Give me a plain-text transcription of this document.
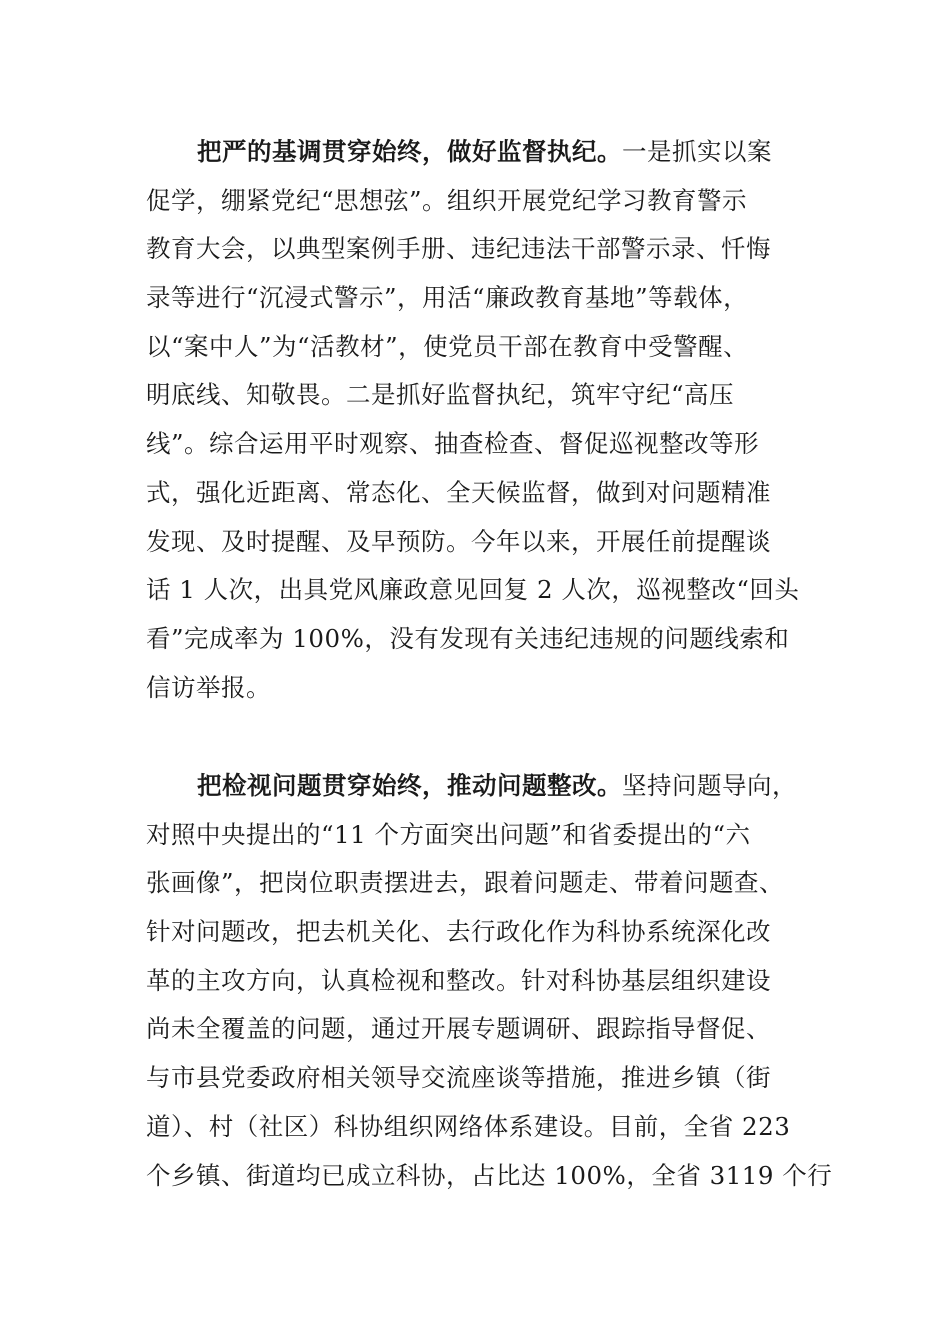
把严的基调贯穿始终，做好监督执纪。一是抓实以案
促学，绷紧党纪“思想弦”。组织开展党纪学习教育警示
教育大会，以典型案例手册、违纪违法干部警示录、忏悔
录等进行“沉浸式警示”，用活“廉政教育基地”等载体，
以“案中人”为“活教材”，使党员干部在教育中受警醒、
明底线、知敬畏。二是抓好监督执纪，筑牢守纪“高压
线”。综合运用平时观察、抽查检查、督促巡视整改等形
式，强化近距离、常态化、全天候监督，做到对问题精准
发现、及时提醒、及早预防。今年以来，开展任前提醒谈
话 1 人次，出具党风廉政意见回复 2 人次，巡视整改“回头
看”完成率为 100%，没有发现有关违纪违规的问题线索和
信访举报。
把检视问题贯穿始终，推动问题整改。坚持问题导向，
对照中央提出的“11 个方面突出问题”和省委提出的“六
张画像”，把岗位职责摆进去，跟着问题走、带着问题查、
针对问题改，把去机关化、去行政化作为科协系统深化改
革的主攻方向，认真检视和整改。针对科协基层组织建设
尚未全覆盖的问题，通过开展专题调研、跟踪指导督促、
与市县党委政府相关领导交流座谈等措施，推进乡镇（街
道）、村（社区）科协组织网络体系建设。目前，全省 223
个乡镇、街道均已成立科协，占比达 100%，全省 3119 个行
